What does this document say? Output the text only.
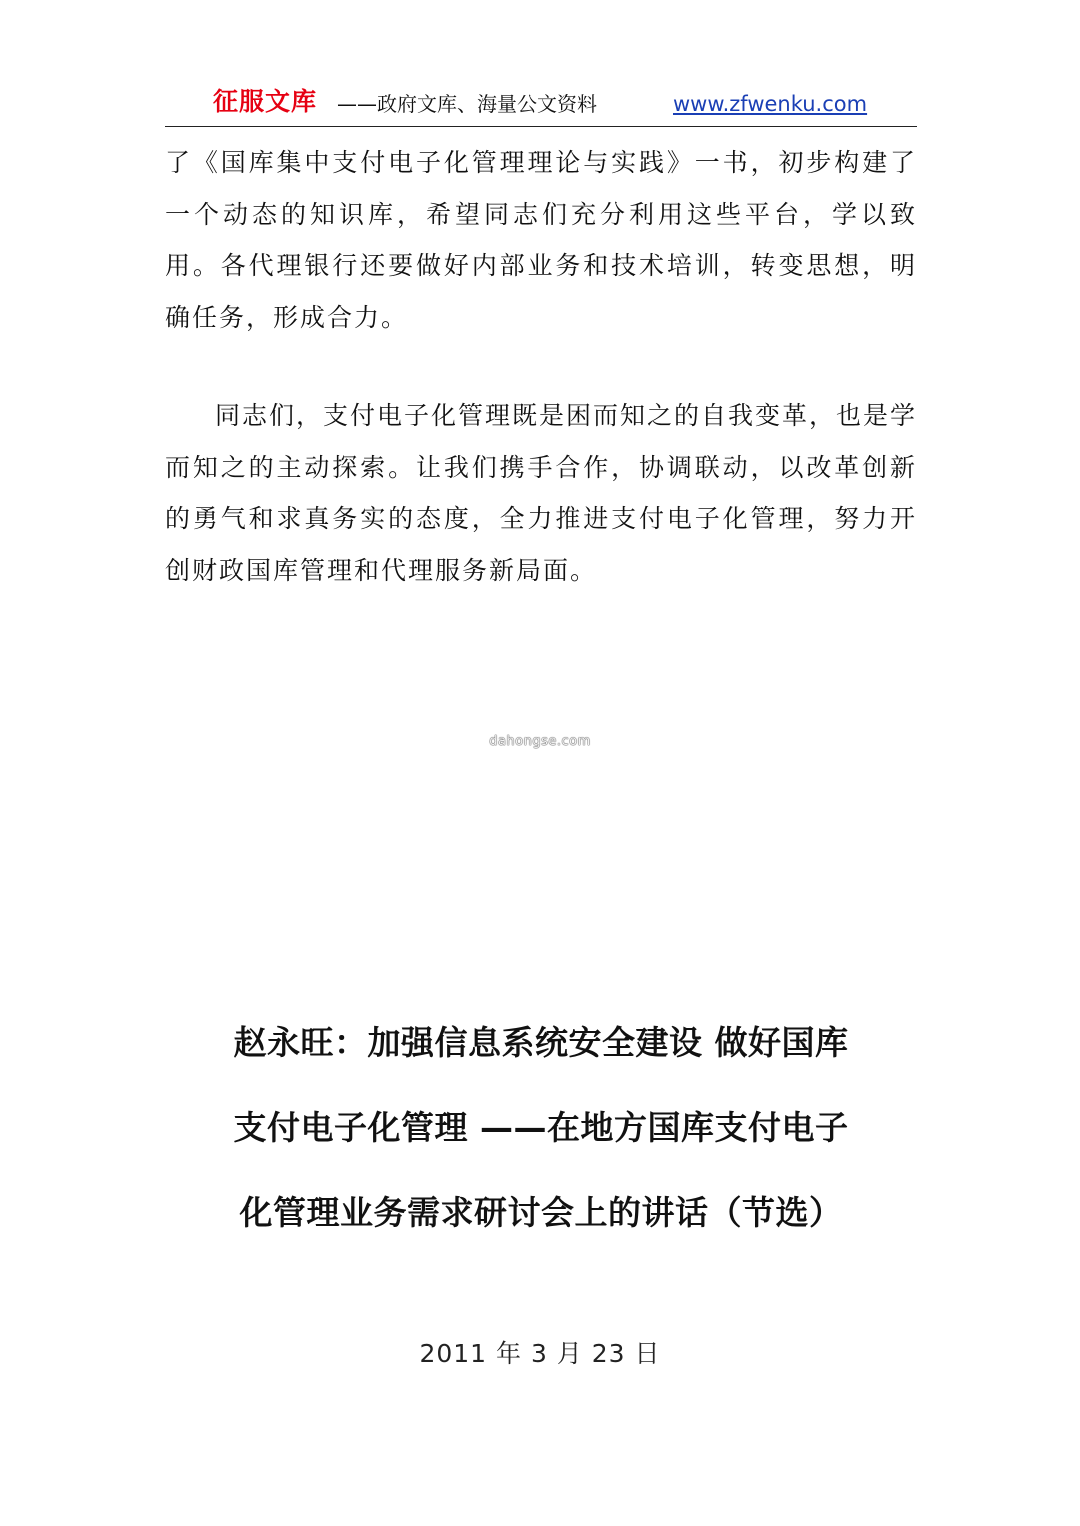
征服文库 ——政府文库、海量公文资料	www.zfwenku.com

了《国库集中支付电子化管理理论与实践》一书，初步构建了一个动态的知识库，希望同志们充分利用这些平台，学以致用。各代理银行还要做好内部业务和技术培训，转变思想，明确任务，形成合力。

同志们，支付电子化管理既是困而知之的自我变革，也是学而知之的主动探索。让我们携手合作，协调联动，以改革创新的勇气和求真务实的态度，全力推进支付电子化管理，努力开创财政国库管理和代理服务新局面。

dahongse.com
赵永旺：加强信息系统安全建设 做好国库
支付电子化管理 ——在地方国库支付电子
化管理业务需求研讨会上的讲话（节选）
2011 年 3 月 23 日
